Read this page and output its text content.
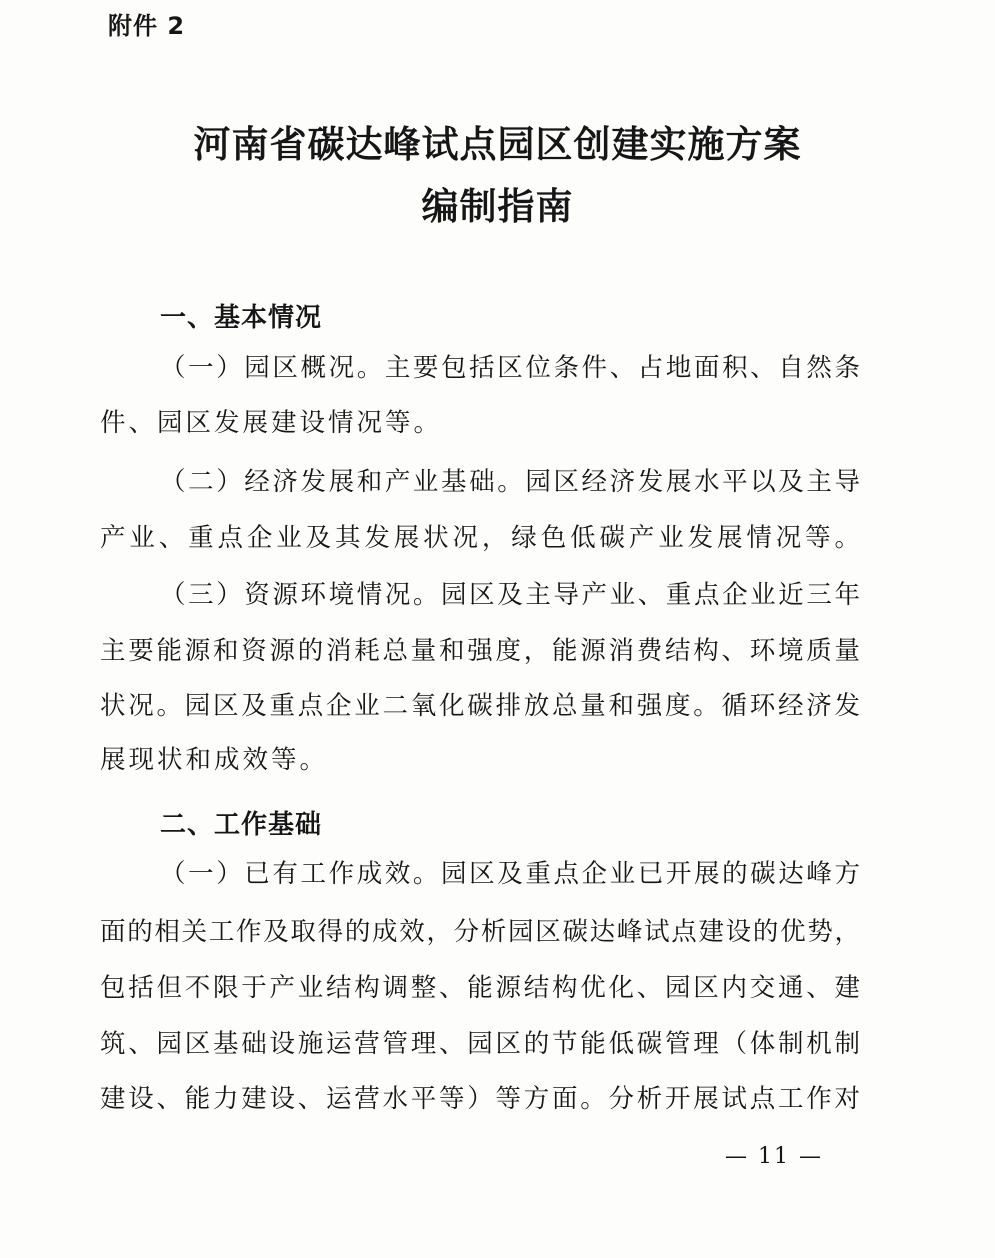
附件 2
河南省碳达峰试点园区创建实施方案
编制指南
一、基本情况
（一）园区概况。主要包括区位条件、占地面积、自然条
件、园区发展建设情况等。
（二）经济发展和产业基础。园区经济发展水平以及主导
产业、重点企业及其发展状况，绿色低碳产业发展情况等。
（三）资源环境情况。园区及主导产业、重点企业近三年
主要能源和资源的消耗总量和强度，能源消费结构、环境质量
状况。园区及重点企业二氧化碳排放总量和强度。循环经济发
展现状和成效等。
二、工作基础
（一）已有工作成效。园区及重点企业已开展的碳达峰方
面的相关工作及取得的成效，分析园区碳达峰试点建设的优势，
包括但不限于产业结构调整、能源结构优化、园区内交通、建
筑、园区基础设施运营管理、园区的节能低碳管理（体制机制
建设、能力建设、运营水平等）等方面。分析开展试点工作对
— 11 —
